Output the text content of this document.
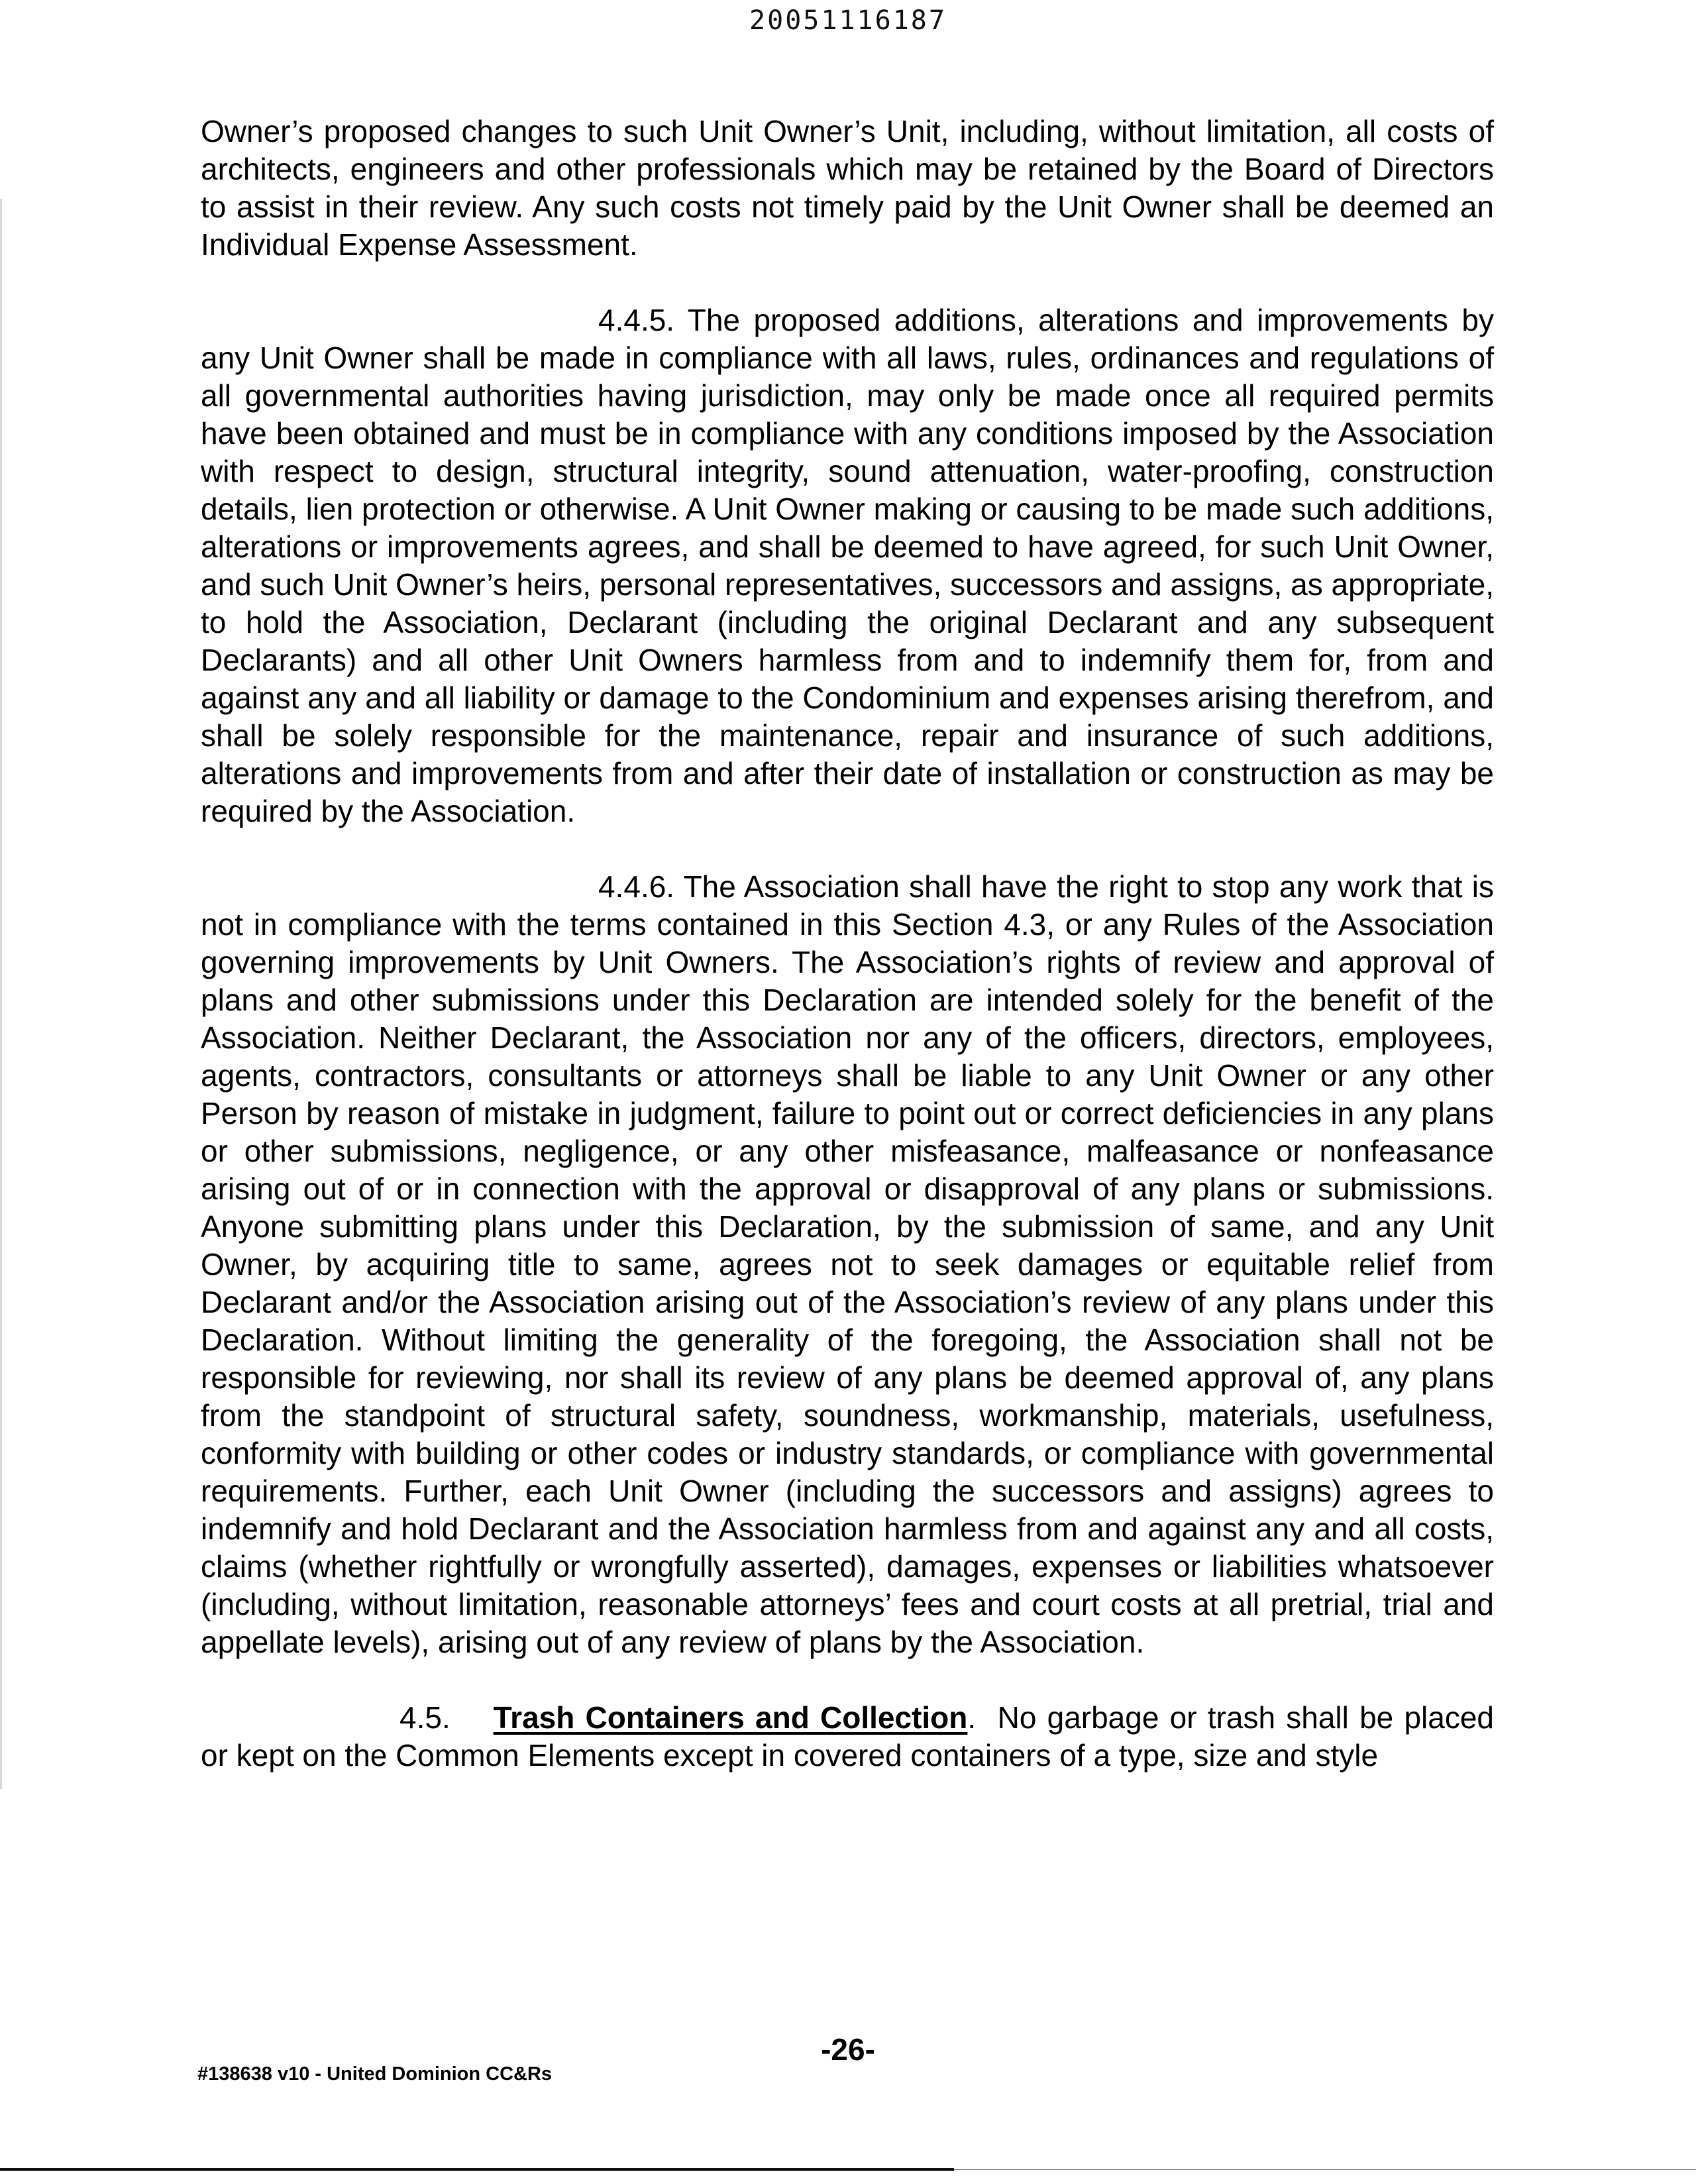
20051116187

Owner’s proposed changes to such Unit Owner’s Unit, including, without limitation, all costs of architects, engineers and other professionals which may be retained by the Board of Directors to assist in their review. Any such costs not timely paid by the Unit Owner shall be deemed an Individual Expense Assessment.

4.4.5. The proposed additions, alterations and improvements by any Unit Owner shall be made in compliance with all laws, rules, ordinances and regulations of all governmental authorities having jurisdiction, may only be made once all required permits have been obtained and must be in compliance with any conditions imposed by the Association with respect to design, structural integrity, sound attenuation, water-proofing, construction details, lien protection or otherwise. A Unit Owner making or causing to be made such additions, alterations or improvements agrees, and shall be deemed to have agreed, for such Unit Owner, and such Unit Owner’s heirs, personal representatives, successors and assigns, as appropriate, to hold the Association, Declarant (including the original Declarant and any subsequent Declarants) and all other Unit Owners harmless from and to indemnify them for, from and against any and all liability or damage to the Condominium and expenses arising therefrom, and shall be solely responsible for the maintenance, repair and insurance of such additions, alterations and improvements from and after their date of installation or construction as may be required by the Association.

4.4.6. The Association shall have the right to stop any work that is not in compliance with the terms contained in this Section 4.3, or any Rules of the Association governing improvements by Unit Owners. The Association’s rights of review and approval of plans and other submissions under this Declaration are intended solely for the benefit of the Association. Neither Declarant, the Association nor any of the officers, directors, employees, agents, contractors, consultants or attorneys shall be liable to any Unit Owner or any other Person by reason of mistake in judgment, failure to point out or correct deficiencies in any plans or other submissions, negligence, or any other misfeasance, malfeasance or nonfeasance arising out of or in connection with the approval or disapproval of any plans or submissions. Anyone submitting plans under this Declaration, by the submission of same, and any Unit Owner, by acquiring title to same, agrees not to seek damages or equitable relief from Declarant and/or the Association arising out of the Association’s review of any plans under this Declaration. Without limiting the generality of the foregoing, the Association shall not be responsible for reviewing, nor shall its review of any plans be deemed approval of, any plans from the standpoint of structural safety, soundness, workmanship, materials, usefulness, conformity with building or other codes or industry standards, or compliance with governmental requirements. Further, each Unit Owner (including the successors and assigns) agrees to indemnify and hold Declarant and the Association harmless from and against any and all costs, claims (whether rightfully or wrongfully asserted), damages, expenses or liabilities whatsoever (including, without limitation, reasonable attorneys’ fees and court costs at all pretrial, trial and appellate levels), arising out of any review of plans by the Association.

4.5. Trash Containers and Collection. No garbage or trash shall be placed or kept on the Common Elements except in covered containers of a type, size and style

-26-
#138638 v10 - United Dominion CC&Rs
